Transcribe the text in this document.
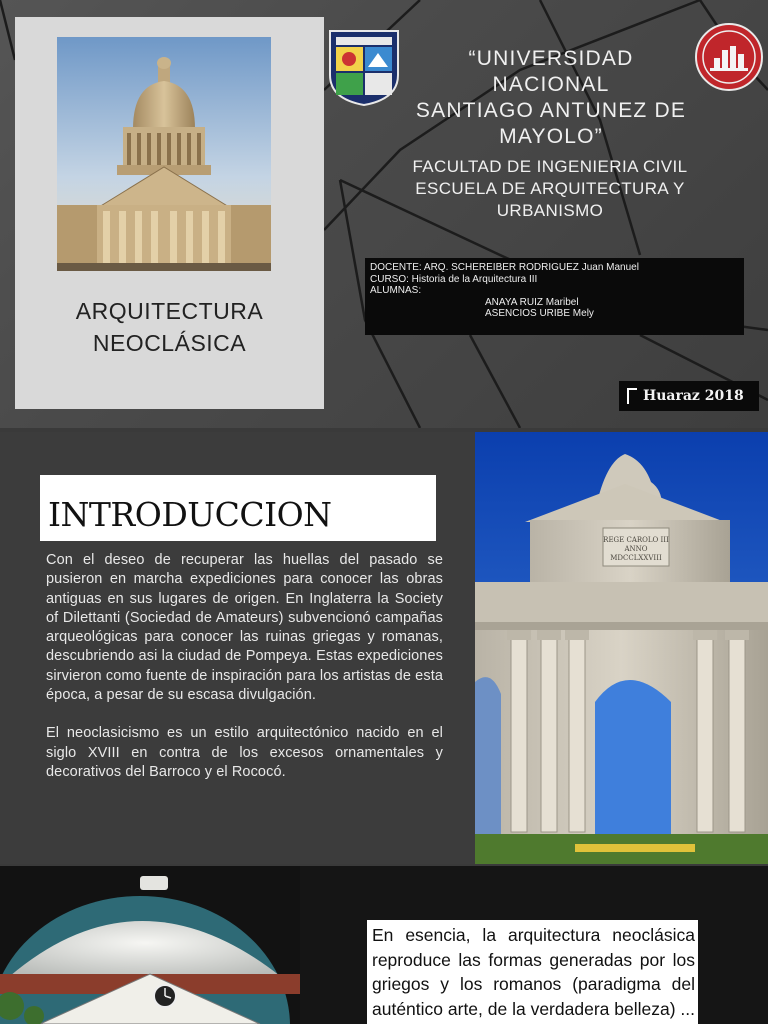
ARQUITECTURA
NEOCLÁSICA
“UNIVERSIDAD NACIONAL
SANTIAGO ANTUNEZ DE
MAYOLO”
FACULTAD DE INGENIERIA CIVIL
ESCUELA DE ARQUITECTURA Y
URBANISMO
DOCENTE: ARQ. SCHEREIBER RODRIGUEZ Juan Manuel
CURSO: Historia de la Arquitectura III
ALUMNAS:
ANAYA RUIZ Maribel
ASENCIOS URIBE Mely
Huaraz 2018
INTRODUCCION

Con el deseo de recuperar las huellas del pasado se pusieron en marcha expediciones para conocer las obras antiguas en sus lugares de origen. En Inglaterra la Society of Dilettanti (Sociedad de Amateurs) subvencionó campañas arqueológicas para conocer las ruinas griegas y romanas, descubriendo asi la ciudad de Pompeya. Estas expediciones sirvieron como fuente de inspiración para los artistas de esta época, a pesar de su escasa divulgación.

El neoclasicismo es un estilo arquitectónico nacido en el siglo XVIII en contra de los excesos ornamentales y decorativos del Barroco y el Rococó.

REGE CAROLO III
ANNO
MDCCLXXVIII
En esencia, la arquitectura neoclásica reproduce las formas generadas por los griegos y los romanos (paradigma del auténtico arte, de la verdadera belleza) ...
